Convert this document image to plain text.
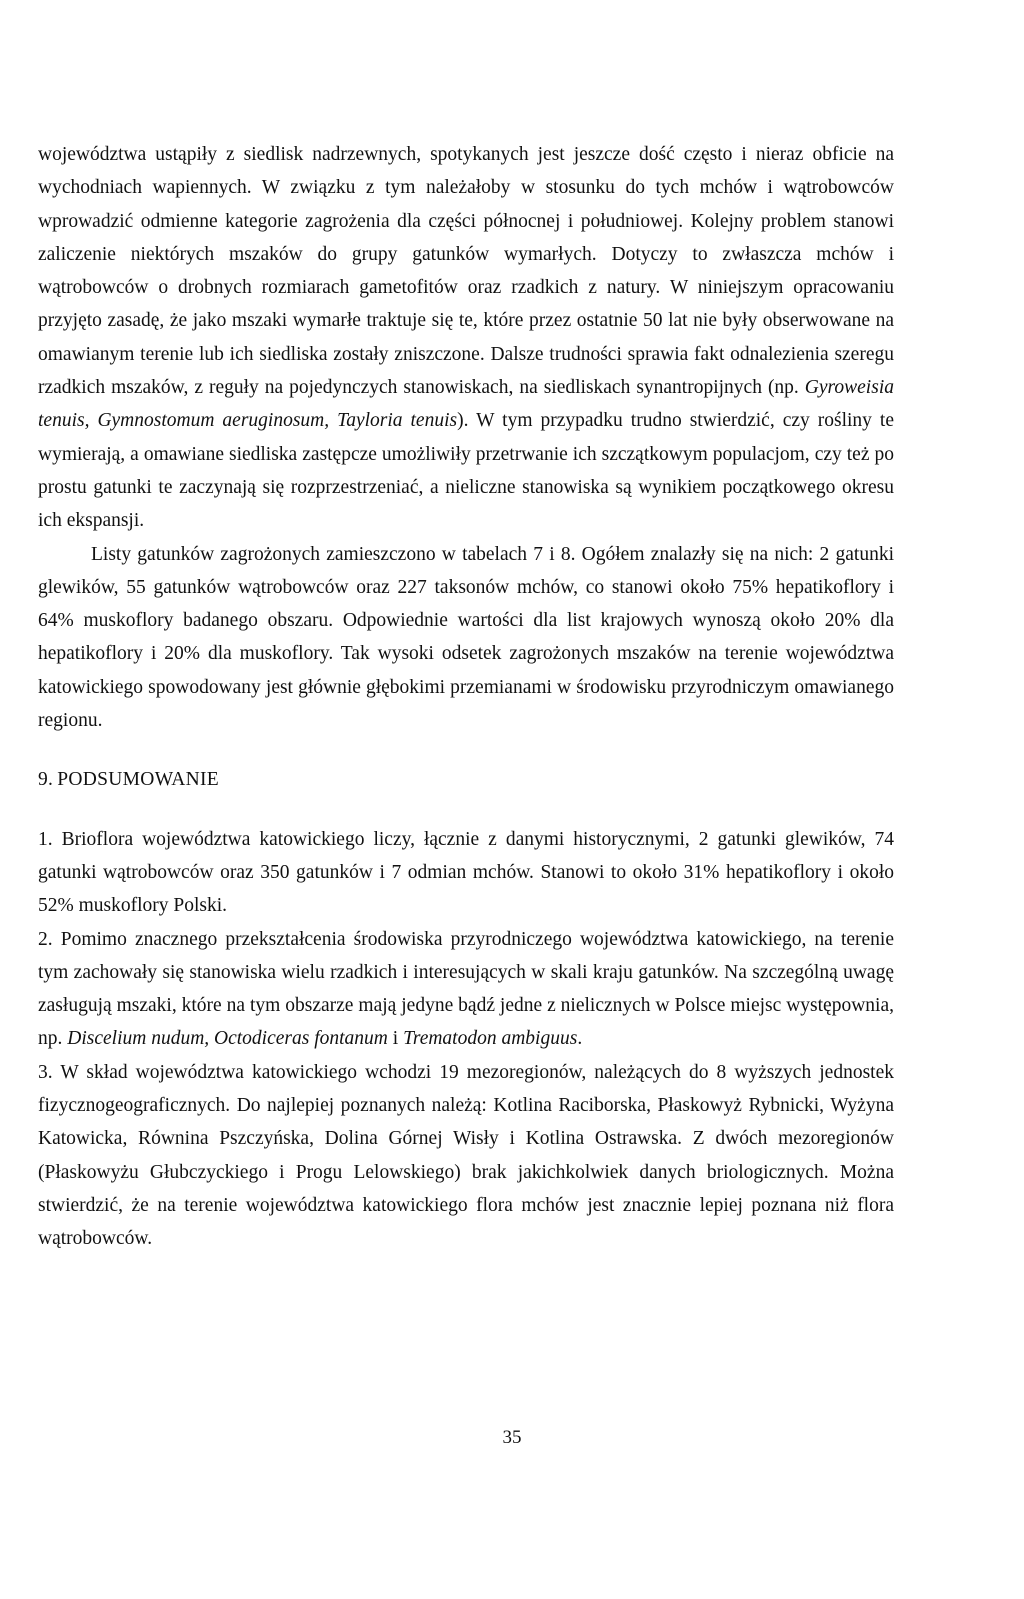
województwa ustąpiły z siedlisk nadrzewnych, spotykanych jest jeszcze dość często i nieraz obficie na wychodniach wapiennych. W związku z tym należałoby w stosunku do tych mchów i wątrobowców wprowadzić odmienne kategorie zagrożenia dla części północnej i południowej. Kolejny problem stanowi zaliczenie niektórych mszaków do grupy gatunków wymarłych. Dotyczy to zwłaszcza mchów i wątrobowców o drobnych rozmiarach gametofitów oraz rzadkich z natury. W niniejszym opracowaniu przyjęto zasadę, że jako mszaki wymarłe traktuje się te, które przez ostatnie 50 lat nie były obserwowane na omawianym terenie lub ich siedliska zostały zniszczone. Dalsze trudności sprawia fakt odnalezienia szeregu rzadkich mszaków, z reguły na pojedynczych stanowiskach, na siedliskach synantropijnych (np. Gyroweisia tenuis, Gymnostomum aeruginosum, Tayloria tenuis). W tym przypadku trudno stwierdzić, czy rośliny te wymierają, a omawiane siedliska zastępcze umożliwiły przetrwanie ich szczątkowym populacjom, czy też po prostu gatunki te zaczynają się rozprzestrzeniać, a nieliczne stanowiska są wynikiem początkowego okresu ich ekspansji.

Listy gatunków zagrożonych zamieszczono w tabelach 7 i 8. Ogółem znalazły się na nich: 2 gatunki glewików, 55 gatunków wątrobowców oraz 227 taksonów mchów, co stanowi około 75% hepatikoflory i 64% muskoflory badanego obszaru. Odpowiednie wartości dla list krajowych wynoszą około 20% dla hepatikoflory i 20% dla muskoflory. Tak wysoki odsetek zagrożonych mszaków na terenie województwa katowickiego spowodowany jest głównie głębokimi przemianami w środowisku przyrodniczym omawianego regionu.

9. PODSUMOWANIE

1. Brioflora województwa katowickiego liczy, łącznie z danymi historycznymi, 2 gatunki glewików, 74 gatunki wątrobowców oraz 350 gatunków i 7 odmian mchów. Stanowi to około 31% hepatikoflory i około 52% muskoflory Polski.

2. Pomimo znacznego przekształcenia środowiska przyrodniczego województwa katowickiego, na terenie tym zachowały się stanowiska wielu rzadkich i interesujących w skali kraju gatunków. Na szczególną uwagę zasługują mszaki, które na tym obszarze mają jedyne bądź jedne z nielicznych w Polsce miejsc występownia, np. Discelium nudum, Octodiceras fontanum i Trematodon ambiguus.

3. W skład województwa katowickiego wchodzi 19 mezoregionów, należących do 8 wyższych jednostek fizycznogeograficznych. Do najlepiej poznanych należą: Kotlina Raciborska, Płaskowyż Rybnicki, Wyżyna Katowicka, Równina Pszczyńska, Dolina Górnej Wisły i Kotlina Ostrawska. Z dwóch mezoregionów (Płaskowyżu Głubczyckiego i Progu Lelowskiego) brak jakichkolwiek danych briologicznych. Można stwierdzić, że na terenie województwa katowickiego flora mchów jest znacznie lepiej poznana niż flora wątrobowców.

35
